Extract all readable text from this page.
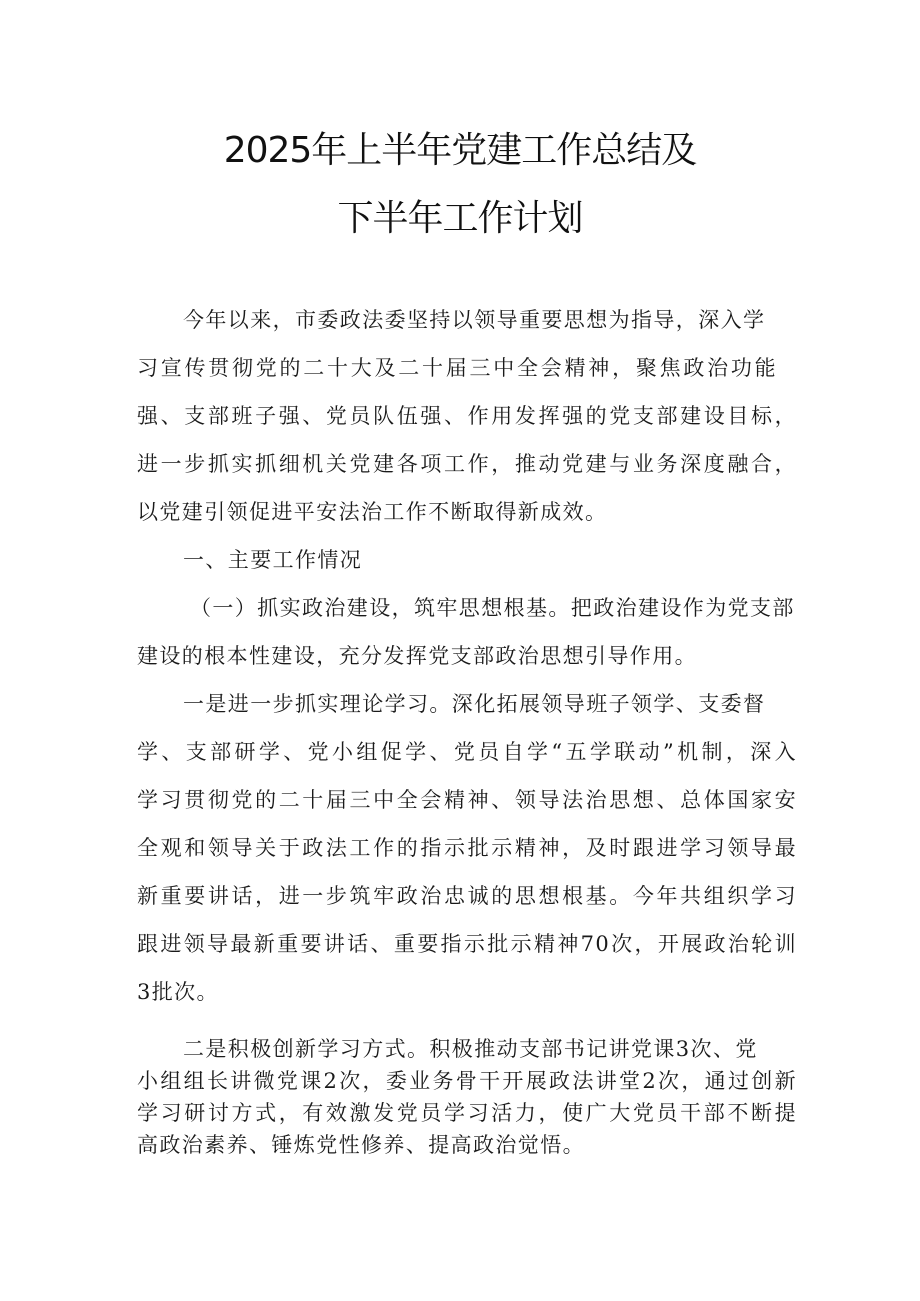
2025年上半年党建工作总结及
下半年工作计划
今年以来，市委政法委坚持以领导重要思想为指导，深入学
习宣传贯彻党的二十大及二十届三中全会精神，聚焦政治功能
强、支部班子强、党员队伍强、作用发挥强的党支部建设目标，
进一步抓实抓细机关党建各项工作，推动党建与业务深度融合，
以党建引领促进平安法治工作不断取得新成效。
一、主要工作情况
（一）抓实政治建设，筑牢思想根基。把政治建设作为党支部
建设的根本性建设，充分发挥党支部政治思想引导作用。
一是进一步抓实理论学习。深化拓展领导班子领学、支委督
学、支部研学、党小组促学、党员自学“五学联动”机制，深入
学习贯彻党的二十届三中全会精神、领导法治思想、总体国家安
全观和领导关于政法工作的指示批示精神，及时跟进学习领导最
新重要讲话，进一步筑牢政治忠诚的思想根基。今年共组织学习
跟进领导最新重要讲话、重要指示批示精神70次，开展政治轮训
3批次。
二是积极创新学习方式。积极推动支部书记讲党课3次、党
小组组长讲微党课2次，委业务骨干开展政法讲堂2次，通过创新
学习研讨方式，有效激发党员学习活力，使广大党员干部不断提
高政治素养、锤炼党性修养、提高政治觉悟。
